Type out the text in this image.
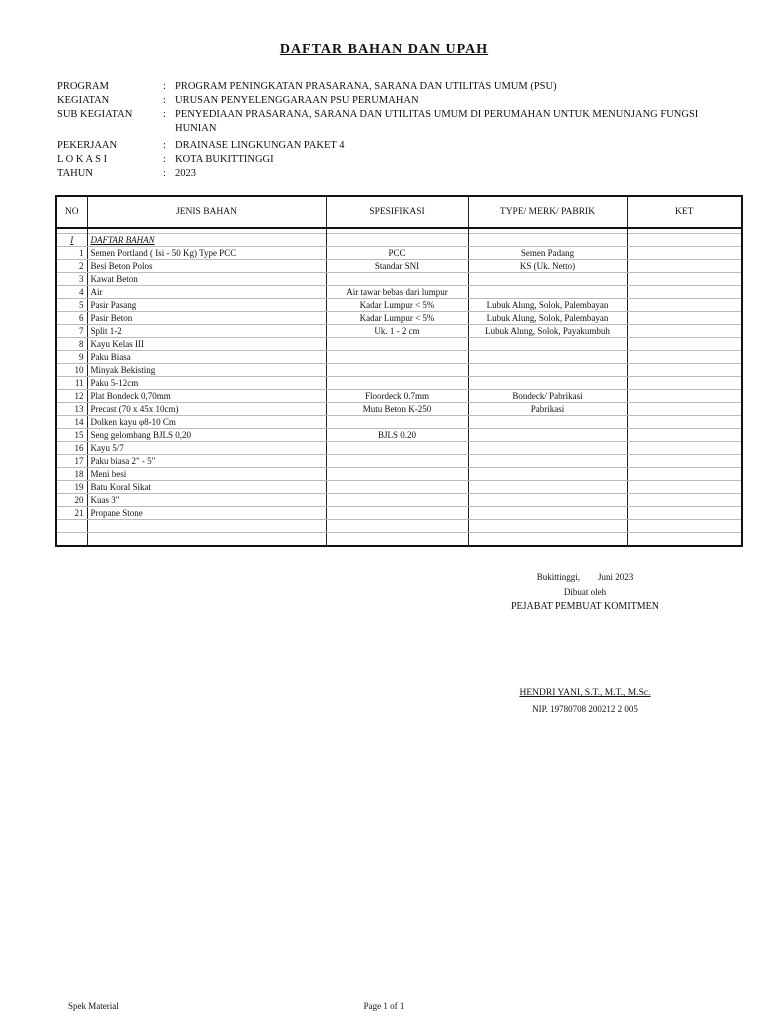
DAFTAR BAHAN DAN UPAH
PROGRAM	: PROGRAM PENINGKATAN PRASARANA, SARANA DAN UTILITAS UMUM (PSU)
KEGIATAN	: URUSAN PENYELENGGARAAN PSU PERUMAHAN
SUB KEGIATAN	: PENYEDIAAN PRASARANA, SARANA DAN UTILITAS UMUM DI PERUMAHAN UNTUK MENUNJANG FUNGSI HUNIAN
PEKERJAAN	: DRAINASE LINGKUNGAN PAKET 4
L O K A S I	: KOTA BUKITTINGGI
TAHUN	: 2023
NO	JENIS BAHAN	SPESIFIKASI	TYPE/ MERK/ PABRIK	KET

I	DAFTAR BAHAN			
1	Semen Portland ( Isi - 50 Kg) Type PCC	PCC	Semen Padang	
2	Besi Beton Polos	Standar SNI	KS (Uk. Netto)	
3	Kawat Beton			
4	Air	Air tawar bebas dari lumpur		
5	Pasir Pasang	Kadar Lumpur < 5%	Lubuk Alung, Solok, Palembayan	
6	Pasir Beton	Kadar Lumpur < 5%	Lubuk Alung, Solok, Palembayan	
7	Split 1-2	Uk. 1 - 2 cm	Lubuk Alung, Solok, Payakumbuh	
8	Kayu Kelas III			
9	Paku Biasa			
10	Minyak Bekisting			
11	Paku 5-12cm			
12	Plat Bondeck 0,70mm	Floordeck 0.7mm	Bondeck/ Pabrikasi	
13	Precast (70 x 45x 10cm)	Mutu Beton K-250	Pabrikasi	
14	Dolken kayu φ8-10 Cm			
15	Seng gelombang BJLS 0,20	BJLS 0.20		
16	Kayu 5/7			
17	Paku biasa 2" - 5"			
18	Meni besi			
19	Batu Koral Sikat			
20	Kuas 3"			
21	Propane Stone			

Bukittinggi,        Juni 2023
Dibuat oleh
PEJABAT PEMBUAT KOMITMEN
HENDRI YANI, S.T., M.T., M.Sc.
NIP. 19780708 200212 2 005
Spek Material	Page 1 of 1
